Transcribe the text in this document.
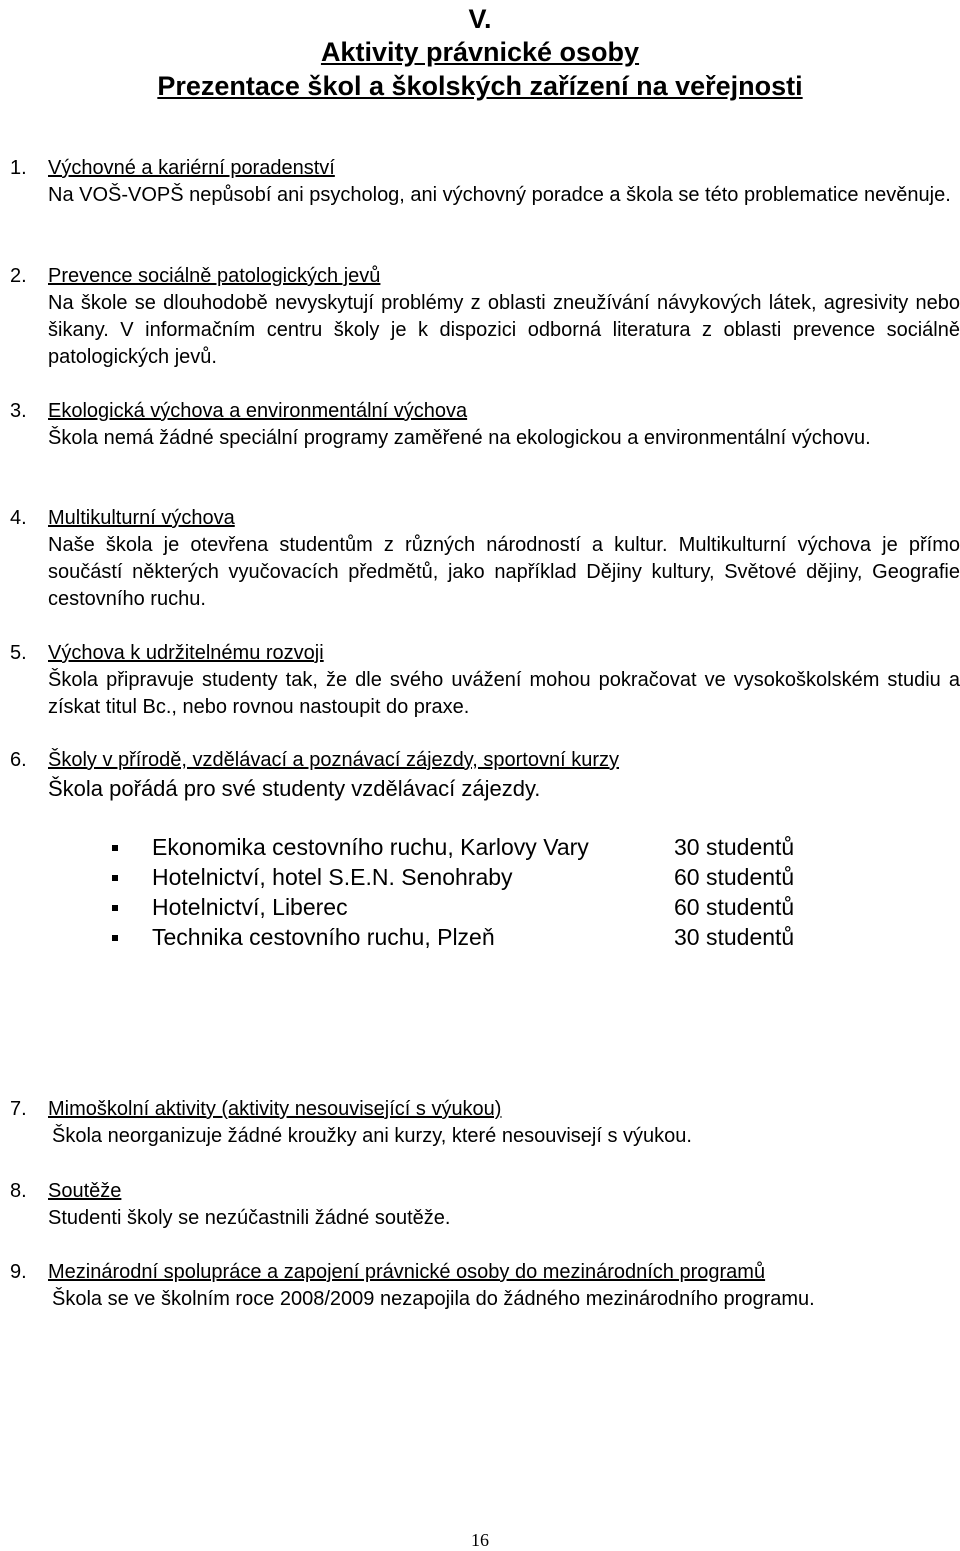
V.
Aktivity právnické osoby
Prezentace škol a školských zařízení na veřejnosti
1. Výchovné a kariérní poradenství
Na VOŠ-VOPŠ nepůsobí ani psycholog, ani výchovný poradce a škola se této problematice nevěnuje.
2. Prevence sociálně patologických jevů
Na škole se dlouhodobě nevyskytují problémy z oblasti zneužívání návykových látek, agresivity nebo šikany. V informačním centru školy je k dispozici odborná literatura z oblasti prevence sociálně patologických jevů.
3. Ekologická výchova a environmentální výchova
Škola nemá žádné speciální programy zaměřené na ekologickou a environmentální výchovu.
4. Multikulturní výchova
Naše škola je otevřena studentům z různých národností a kultur. Multikulturní výchova je přímo součástí některých vyučovacích předmětů, jako například Dějiny kultury, Světové dějiny, Geografie cestovního ruchu.
5. Výchova k udržitelnému rozvoji
Škola připravuje studenty tak, že dle svého uvážení mohou pokračovat ve vysokoškolském studiu a získat titul Bc., nebo rovnou nastoupit do praxe.
6. Školy v přírodě, vzdělávací a poznávací zájezdy, sportovní kurzy
Škola pořádá pro své studenty vzdělávací zájezdy.
Ekonomika cestovního ruchu, Karlovy Vary	30 studentů
Hotelnictví, hotel S.E.N. Senohraby	60 studentů
Hotelnictví, Liberec	60 studentů
Technika cestovního ruchu, Plzeň	30 studentů
7. Mimoškolní aktivity (aktivity nesouvisející s výukou)
Škola neorganizuje žádné kroužky ani kurzy, které nesouvisejí s výukou.
8. Soutěže
Studenti školy se nezúčastnili žádné soutěže.
9. Mezinárodní spolupráce a zapojení právnické osoby do mezinárodních programů
Škola se ve školním roce 2008/2009 nezapojila do žádného mezinárodního programu.
16
